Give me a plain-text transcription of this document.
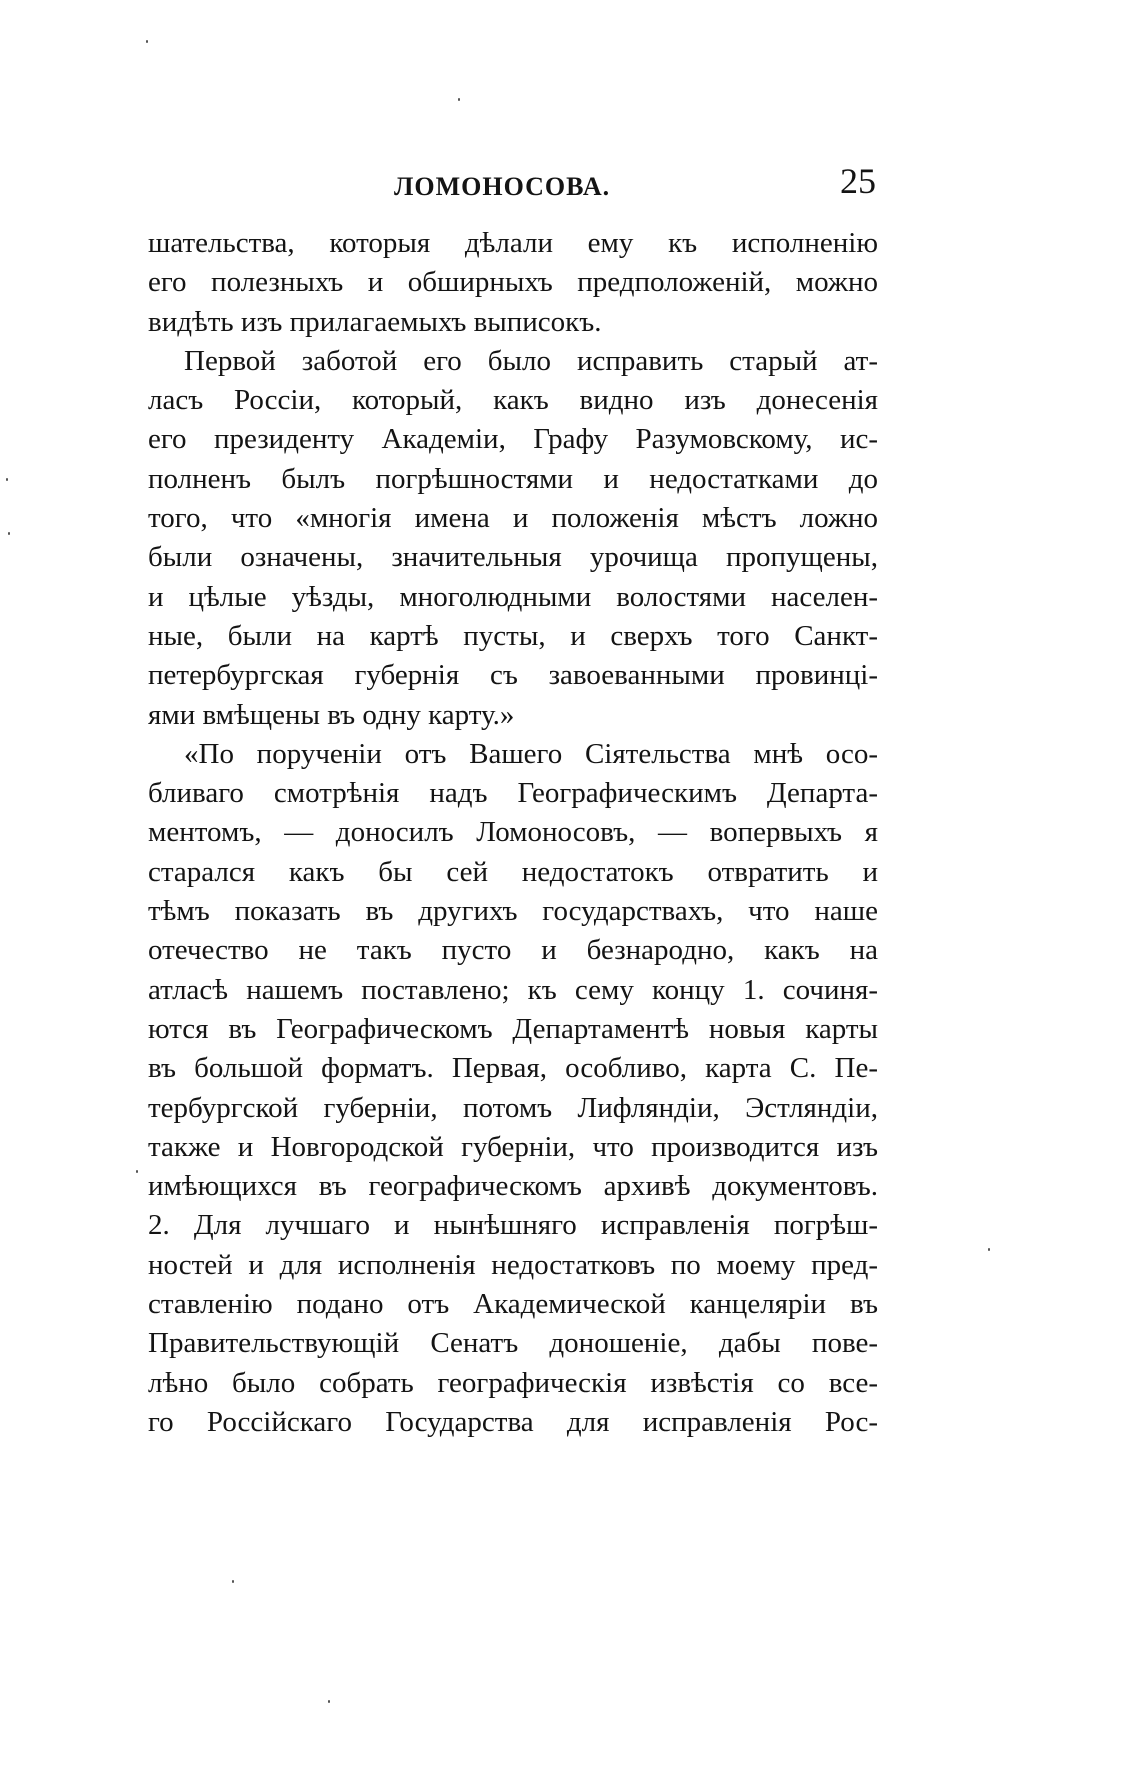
ЛОМОНОСОВА.	25
шательства, которыя дѣлали ему къ исполненію
его полезныхъ и обширныхъ предположеній, можно
видѣть изъ прилагаемыхъ выписокъ.
Первой заботой его было исправить старый ат-
ласъ Россіи, который, какъ видно изъ донесенія
его президенту Академіи, Графу Разумовскому, ис-
полненъ былъ погрѣшностями и недостатками до
того, что «многія имена и положенія мѣстъ ложно
были означены, значительныя урочища пропущены,
и цѣлые уѣзды, многолюдными волостями населен-
ные, были на картѣ пусты, и сверхъ того Санкт-
петербургская губернія съ завоеванными провинці-
ями вмѣщены въ одну карту.»
«По порученіи отъ Вашего Сіятельства мнѣ осо-
бливаго смотрѣнія надъ Географическимъ Департа-
ментомъ, — доносилъ Ломоносовъ, — вопервыхъ я
старался какъ бы сей недостатокъ отвратить и
тѣмъ показать въ другихъ государствахъ, что наше
отечество не такъ пусто и безнародно, какъ на
атласѣ нашемъ поставлено; къ сему концу 1. сочиня-
ются въ Географическомъ Департаментѣ новыя карты
въ большой форматъ. Первая, особливо, карта С. Пе-
тербургской губерніи, потомъ Лифляндіи, Эстляндіи,
также и Новгородской губерніи, что производится изъ
имѣющихся въ географическомъ архивѣ документовъ.
2. Для лучшаго и нынѣшняго исправленія погрѣш-
ностей и для исполненія недостатковъ по моему пред-
ставленію подано отъ Академической канцеляріи въ
Правительствующій Сенатъ доношеніе, дабы пове-
лѣно было собрать географическія извѣстія со все-
го Россійскаго Государства для исправленія Рос-
